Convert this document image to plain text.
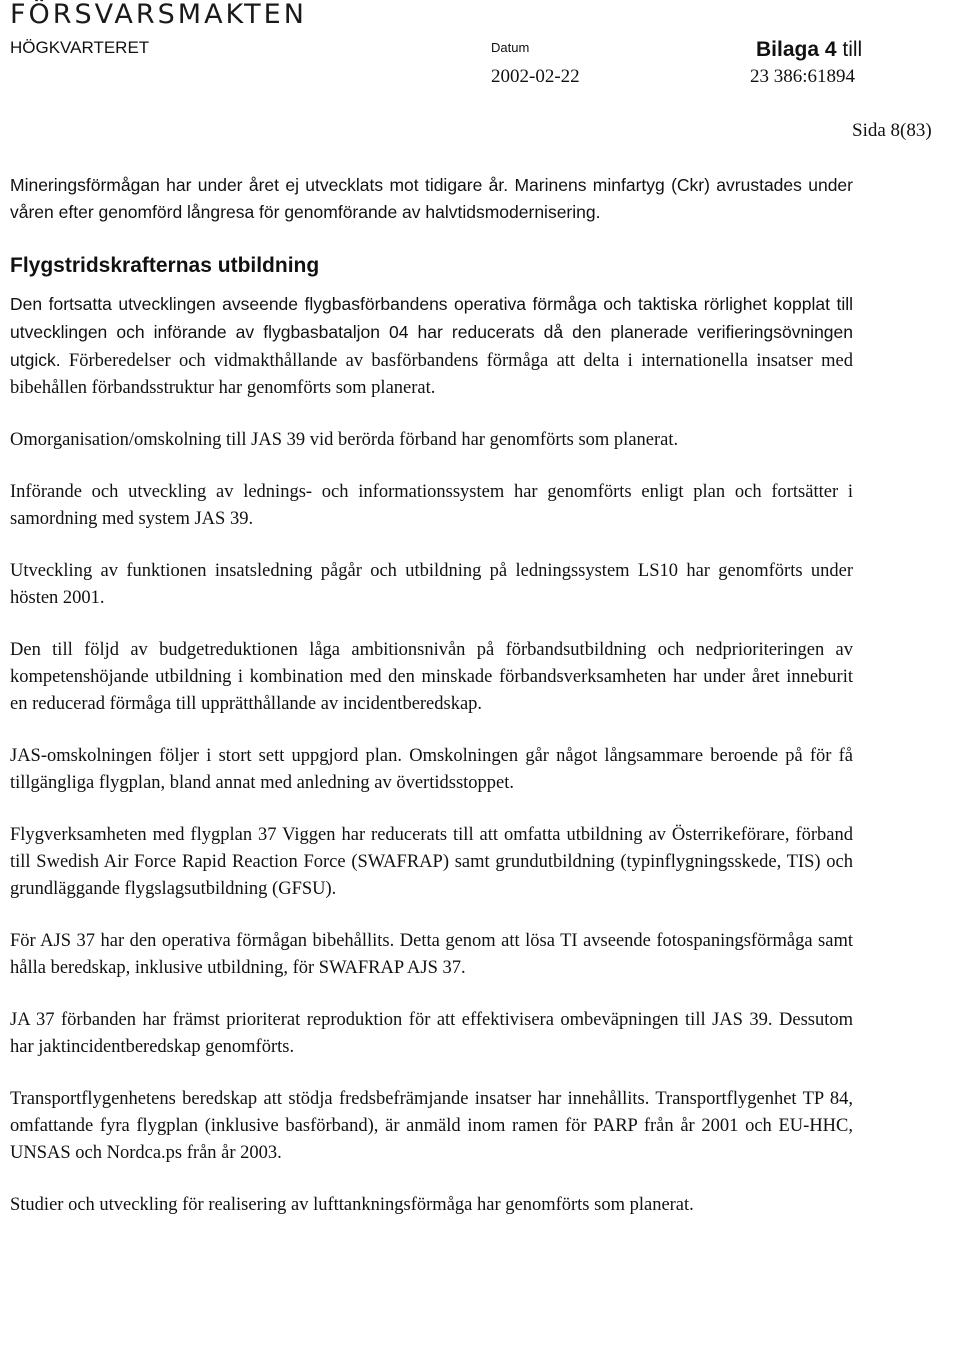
FÖRSVARSMAKTEN
HÖGKVARTERET	Datum	Bilaga 4 till
2002-02-22	23 386:61894
Sida 8(83)

Mineringsförmågan har under året ej utvecklats mot tidigare år. Marinens minfartyg (Ckr) avrustades under våren efter genomförd långresa för genomförande av halvtidsmodernisering.

Flygstridskrafternas utbildning

Den fortsatta utvecklingen avseende flygbasförbandens operativa förmåga och taktiska rörlighet kopplat till utvecklingen och införande av flygbasbataljon 04 har reducerats då den planerade verifieringsövningen utgick. Förberedelser och vidmakthållande av basförbandens förmåga att delta i internationella insatser med bibehållen förbandsstruktur har genomförts som planerat.

Omorganisation/omskolning till JAS 39 vid berörda förband har genomförts som planerat.

Införande och utveckling av lednings- och informationssystem har genomförts enligt plan och fortsätter i samordning med system JAS 39.

Utveckling av funktionen insatsledning pågår och utbildning på ledningssystem LS10 har genomförts under hösten 2001.

Den till följd av budgetreduktionen låga ambitionsnivån på förbandsutbildning och nedprioriteringen av kompetenshöjande utbildning i kombination med den minskade förbandsverksamheten har under året inneburit en reducerad förmåga till upprätthållande av incidentberedskap.

JAS-omskolningen följer i stort sett uppgjord plan. Omskolningen går något långsammare beroende på för få tillgängliga flygplan, bland annat med anledning av övertidsstoppet.

Flygverksamheten med flygplan 37 Viggen har reducerats till att omfatta utbildning av Österrikeförare, förband till Swedish Air Force Rapid Reaction Force (SWAFRAP) samt grundutbildning (typinflygningsskede, TIS) och grundläggande flygslagsutbildning (GFSU).

För AJS 37 har den operativa förmågan bibehållits. Detta genom att lösa TI avseende fotospaningsförmåga samt hålla beredskap, inklusive utbildning, för SWAFRAP AJS 37.

JA 37 förbanden har främst prioriterat reproduktion för att effektivisera ombeväpningen till JAS 39. Dessutom har jaktincidentberedskap genomförts.

Transportflygenhetens beredskap att stödja fredsbefrämjande insatser har innehållits. Transportflygenhet TP 84, omfattande fyra flygplan (inklusive basförband), är anmäld inom ramen för PARP från år 2001 och EU-HHC, UNSAS och Nordca.ps från år 2003.

Studier och utveckling för realisering av lufttankningsförmåga har genomförts som planerat.
